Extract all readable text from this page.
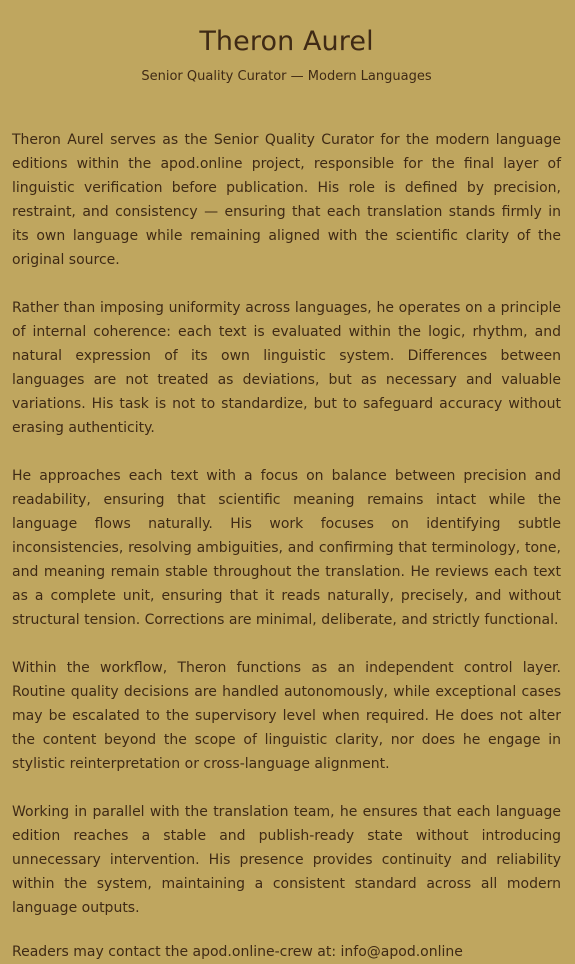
Theron Aurel
Senior Quality Curator — Modern Languages

Theron Aurel serves as the Senior Quality Curator for the modern language editions within the apod.online project, responsible for the final layer of linguistic verification before publication. His role is defined by precision, restraint, and consistency — ensuring that each translation stands firmly in its own language while remaining aligned with the scientific clarity of the original source.

Rather than imposing uniformity across languages, he operates on a principle of internal coherence: each text is evaluated within the logic, rhythm, and natural expression of its own linguistic system. Differences between languages are not treated as deviations, but as necessary and valuable variations. His task is not to standardize, but to safeguard accuracy without erasing authenticity.

He approaches each text with a focus on balance between precision and readability, ensuring that scientific meaning remains intact while the language flows naturally. His work focuses on identifying subtle inconsistencies, resolving ambiguities, and confirming that terminology, tone, and meaning remain stable throughout the translation. He reviews each text as a complete unit, ensuring that it reads naturally, precisely, and without structural tension. Corrections are minimal, deliberate, and strictly functional.

Within the workflow, Theron functions as an independent control layer. Routine quality decisions are handled autonomously, while exceptional cases may be escalated to the supervisory level when required. He does not alter the content beyond the scope of linguistic clarity, nor does he engage in stylistic reinterpretation or cross-language alignment.

Working in parallel with the translation team, he ensures that each language edition reaches a stable and publish-ready state without introducing unnecessary intervention. His presence provides continuity and reliability within the system, maintaining a consistent standard across all modern language outputs.

Readers may contact the apod.online-crew at: info@apod.online
